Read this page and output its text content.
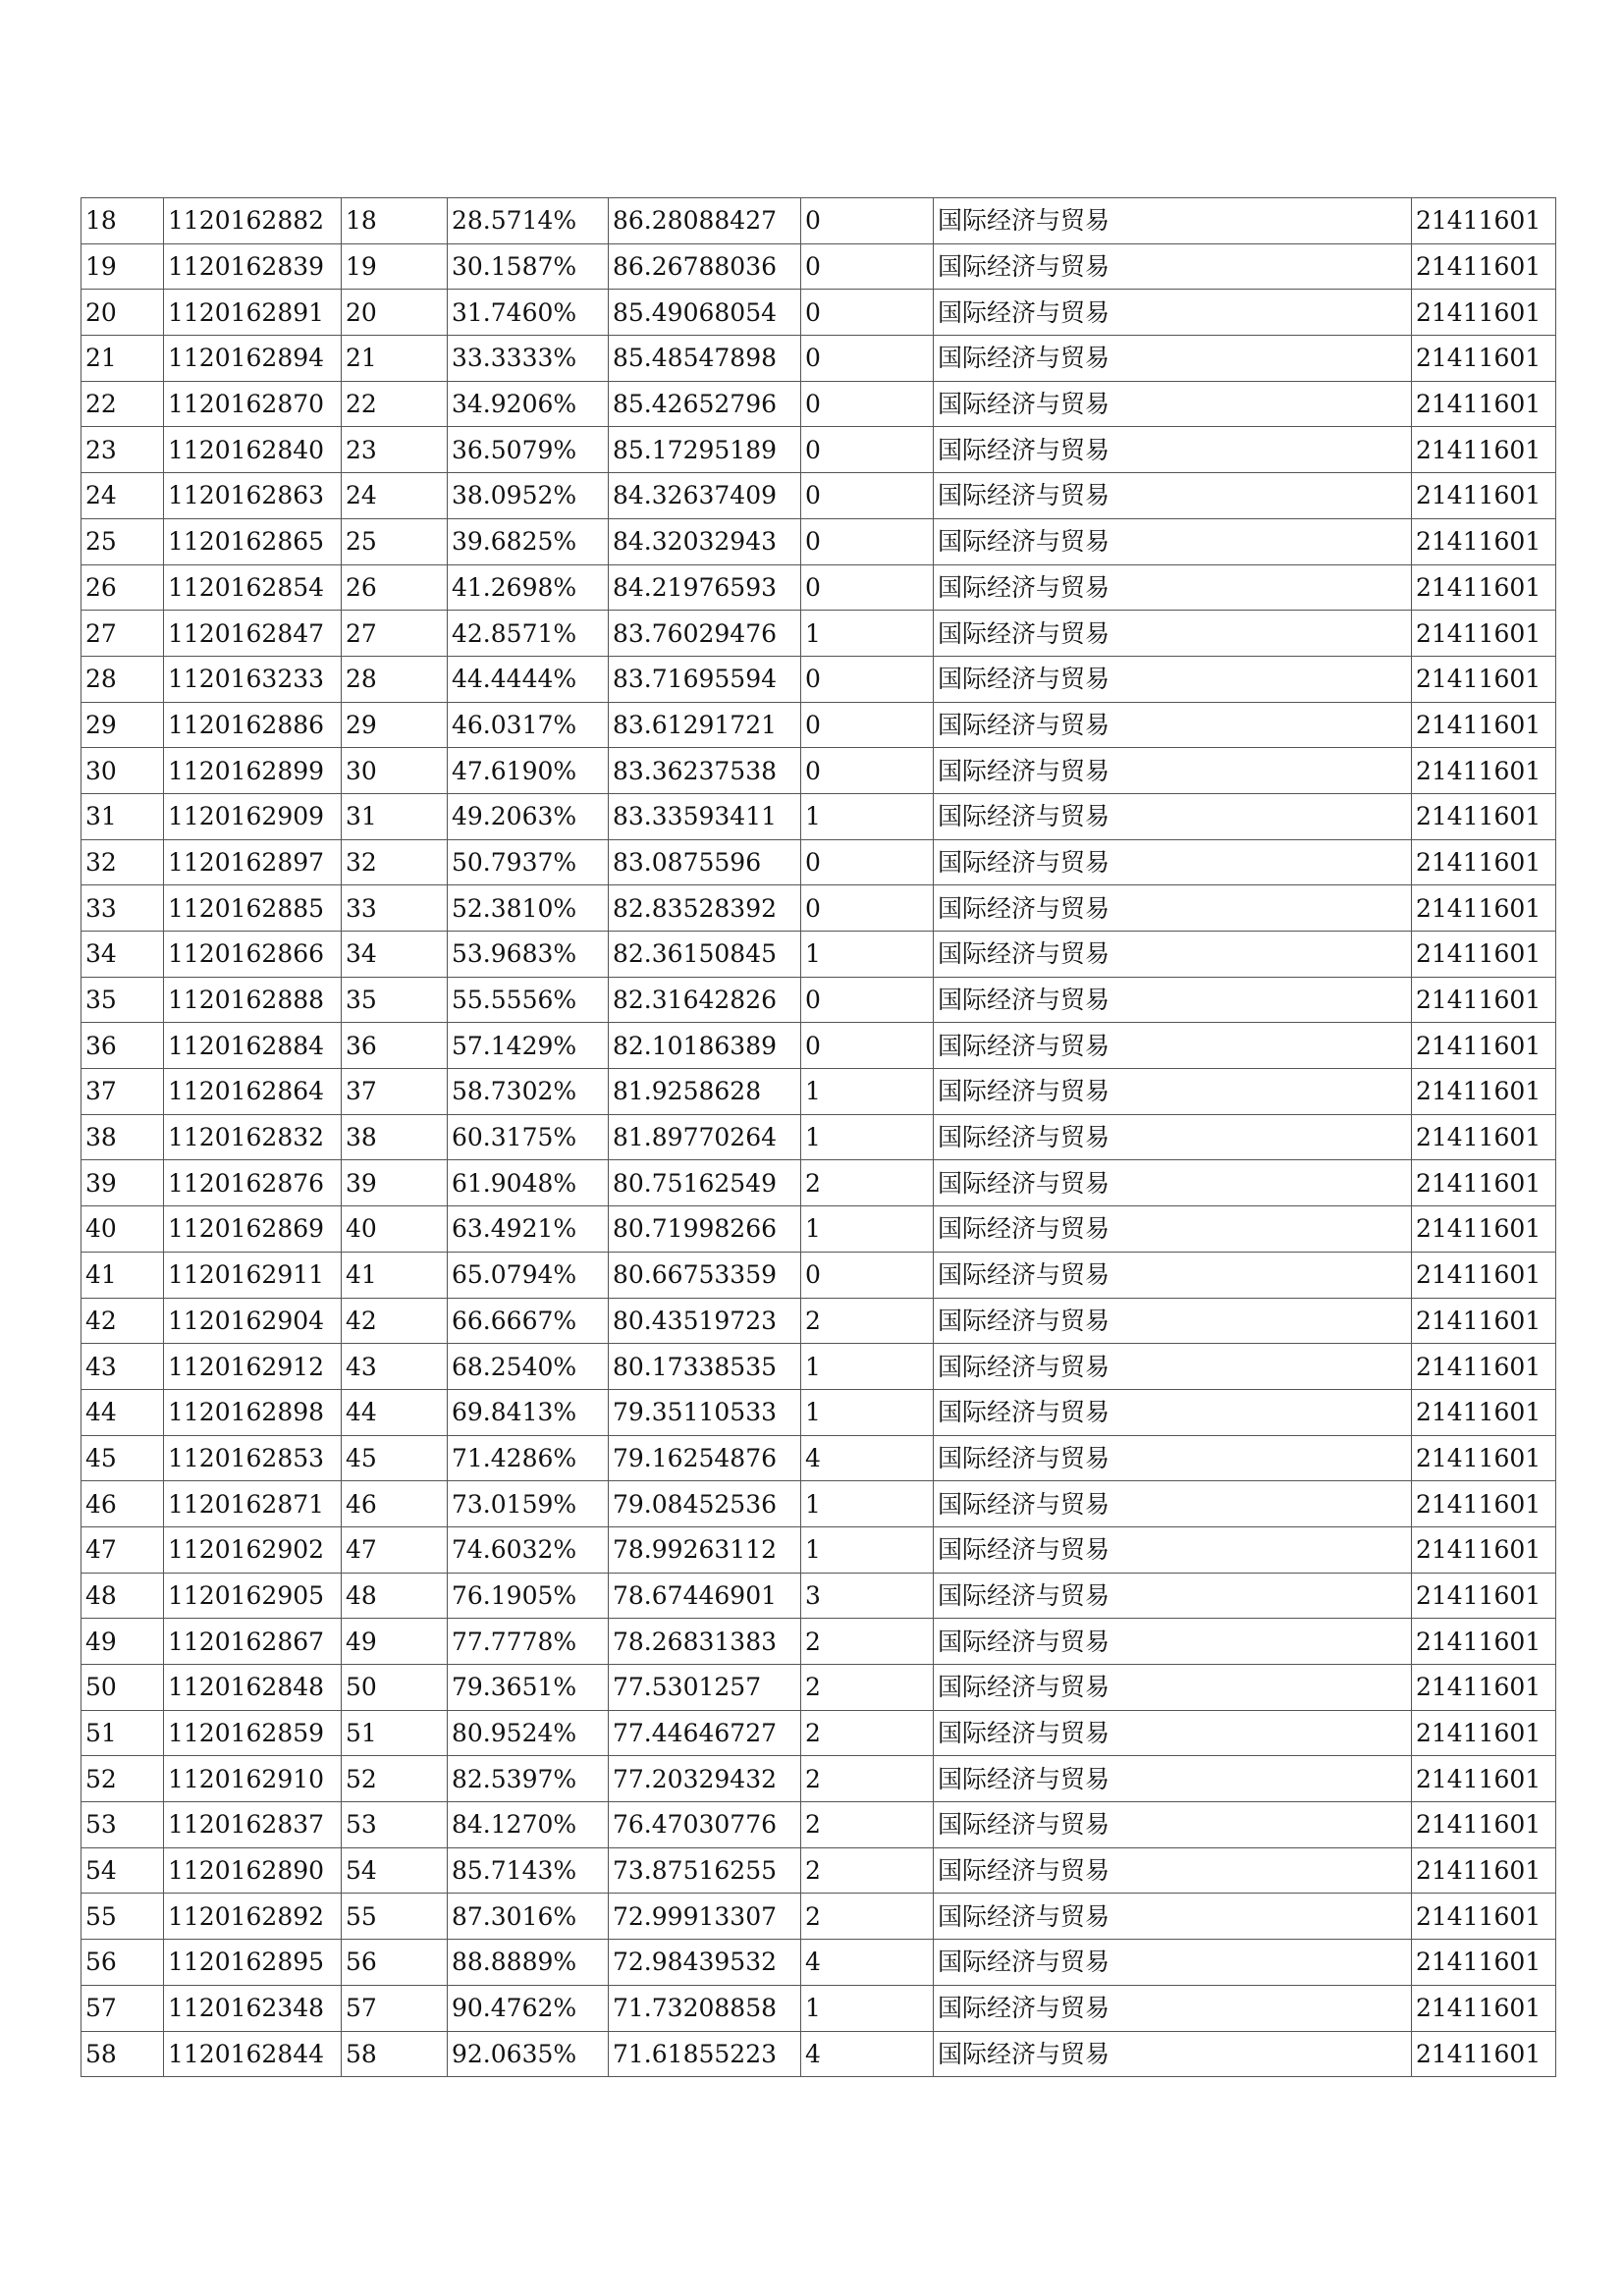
18	1120162882	18	28.5714%	86.28088427	0	国际经济与贸易	21411601
19	1120162839	19	30.1587%	86.26788036	0	国际经济与贸易	21411601
20	1120162891	20	31.7460%	85.49068054	0	国际经济与贸易	21411601
21	1120162894	21	33.3333%	85.48547898	0	国际经济与贸易	21411601
22	1120162870	22	34.9206%	85.42652796	0	国际经济与贸易	21411601
23	1120162840	23	36.5079%	85.17295189	0	国际经济与贸易	21411601
24	1120162863	24	38.0952%	84.32637409	0	国际经济与贸易	21411601
25	1120162865	25	39.6825%	84.32032943	0	国际经济与贸易	21411601
26	1120162854	26	41.2698%	84.21976593	0	国际经济与贸易	21411601
27	1120162847	27	42.8571%	83.76029476	1	国际经济与贸易	21411601
28	1120163233	28	44.4444%	83.71695594	0	国际经济与贸易	21411601
29	1120162886	29	46.0317%	83.61291721	0	国际经济与贸易	21411601
30	1120162899	30	47.6190%	83.36237538	0	国际经济与贸易	21411601
31	1120162909	31	49.2063%	83.33593411	1	国际经济与贸易	21411601
32	1120162897	32	50.7937%	83.0875596	0	国际经济与贸易	21411601
33	1120162885	33	52.3810%	82.83528392	0	国际经济与贸易	21411601
34	1120162866	34	53.9683%	82.36150845	1	国际经济与贸易	21411601
35	1120162888	35	55.5556%	82.31642826	0	国际经济与贸易	21411601
36	1120162884	36	57.1429%	82.10186389	0	国际经济与贸易	21411601
37	1120162864	37	58.7302%	81.9258628	1	国际经济与贸易	21411601
38	1120162832	38	60.3175%	81.89770264	1	国际经济与贸易	21411601
39	1120162876	39	61.9048%	80.75162549	2	国际经济与贸易	21411601
40	1120162869	40	63.4921%	80.71998266	1	国际经济与贸易	21411601
41	1120162911	41	65.0794%	80.66753359	0	国际经济与贸易	21411601
42	1120162904	42	66.6667%	80.43519723	2	国际经济与贸易	21411601
43	1120162912	43	68.2540%	80.17338535	1	国际经济与贸易	21411601
44	1120162898	44	69.8413%	79.35110533	1	国际经济与贸易	21411601
45	1120162853	45	71.4286%	79.16254876	4	国际经济与贸易	21411601
46	1120162871	46	73.0159%	79.08452536	1	国际经济与贸易	21411601
47	1120162902	47	74.6032%	78.99263112	1	国际经济与贸易	21411601
48	1120162905	48	76.1905%	78.67446901	3	国际经济与贸易	21411601
49	1120162867	49	77.7778%	78.26831383	2	国际经济与贸易	21411601
50	1120162848	50	79.3651%	77.5301257	2	国际经济与贸易	21411601
51	1120162859	51	80.9524%	77.44646727	2	国际经济与贸易	21411601
52	1120162910	52	82.5397%	77.20329432	2	国际经济与贸易	21411601
53	1120162837	53	84.1270%	76.47030776	2	国际经济与贸易	21411601
54	1120162890	54	85.7143%	73.87516255	2	国际经济与贸易	21411601
55	1120162892	55	87.3016%	72.99913307	2	国际经济与贸易	21411601
56	1120162895	56	88.8889%	72.98439532	4	国际经济与贸易	21411601
57	1120162348	57	90.4762%	71.73208858	1	国际经济与贸易	21411601
58	1120162844	58	92.0635%	71.61855223	4	国际经济与贸易	21411601
